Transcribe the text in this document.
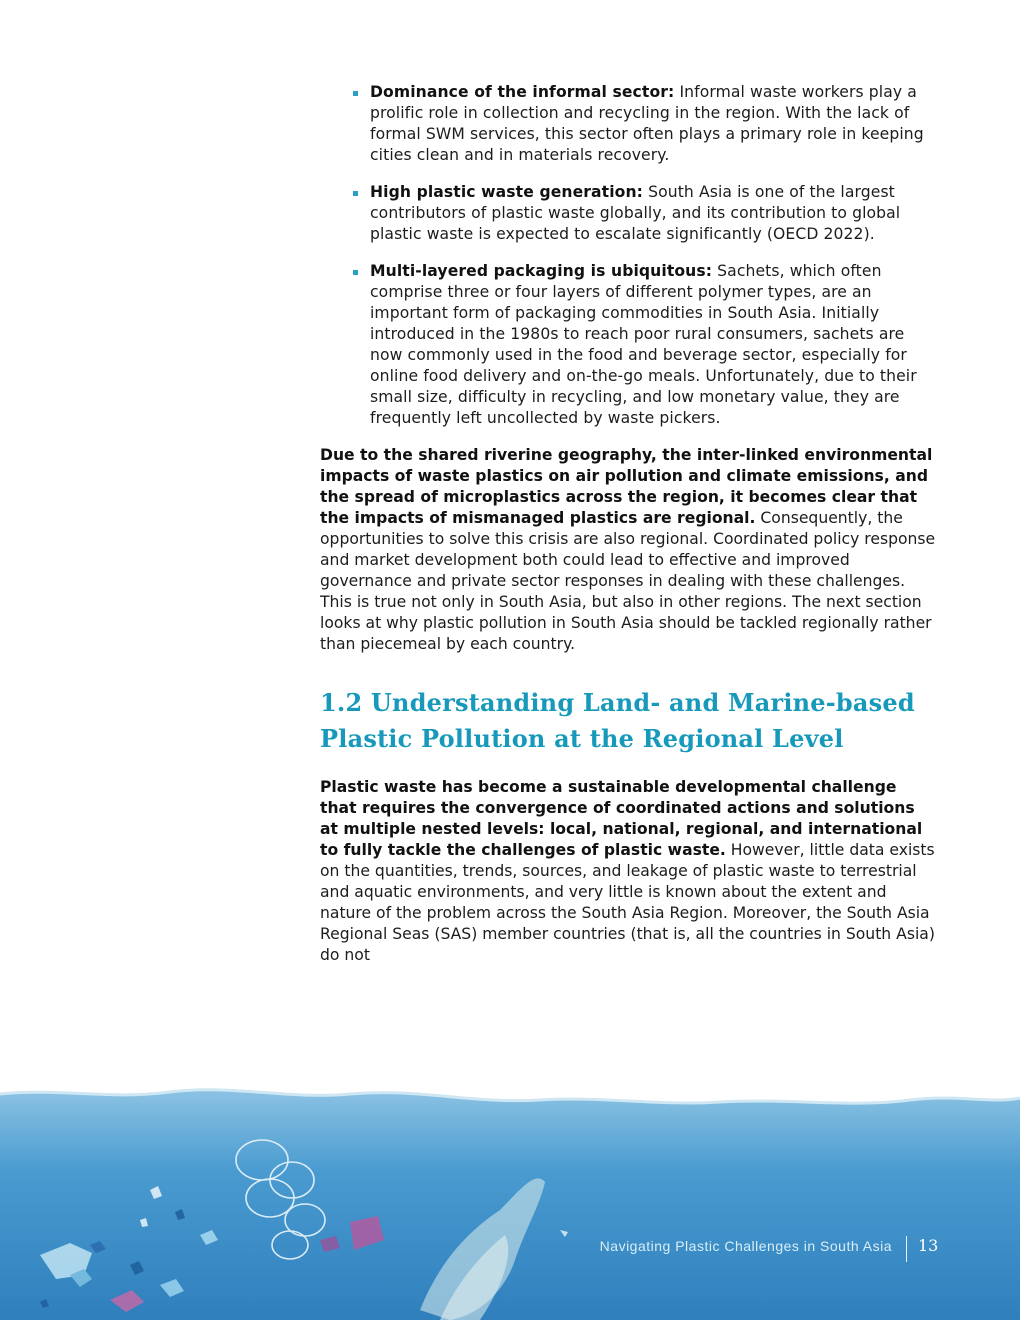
Dominance of the informal sector: Informal waste workers play a prolific role in collection and recycling in the region. With the lack of formal SWM services, this sector often plays a primary role in keeping cities clean and in materials recovery.
High plastic waste generation: South Asia is one of the largest contributors of plastic waste globally, and its contribution to global plastic waste is expected to escalate significantly (OECD 2022).
Multi-layered packaging is ubiquitous: Sachets, which often comprise three or four layers of different polymer types, are an important form of packaging commodities in South Asia. Initially introduced in the 1980s to reach poor rural consumers, sachets are now commonly used in the food and beverage sector, especially for online food delivery and on-the-go meals. Unfortunately, due to their small size, difficulty in recycling, and low monetary value, they are frequently left uncollected by waste pickers.

Due to the shared riverine geography, the inter-linked environmental impacts of waste plastics on air pollution and climate emissions, and the spread of microplastics across the region, it becomes clear that the impacts of mismanaged plastics are regional. Consequently, the opportunities to solve this crisis are also regional. Coordinated policy response and market development both could lead to effective and improved governance and private sector responses in dealing with these challenges. This is true not only in South Asia, but also in other regions. The next section looks at why plastic pollution in South Asia should be tackled regionally rather than piecemeal by each country.

1.2 Understanding Land- and Marine-based Plastic Pollution at the Regional Level

Plastic waste has become a sustainable developmental challenge that requires the convergence of coordinated actions and solutions at multiple nested levels: local, national, regional, and international to fully tackle the challenges of plastic waste. However, little data exists on the quantities, trends, sources, and leakage of plastic waste to terrestrial and aquatic environments, and very little is known about the extent and nature of the problem across the South Asia Region. Moreover, the South Asia Regional Seas (SAS) member countries (that is, all the countries in South Asia) do not

Navigating Plastic Challenges in South Asia 13
